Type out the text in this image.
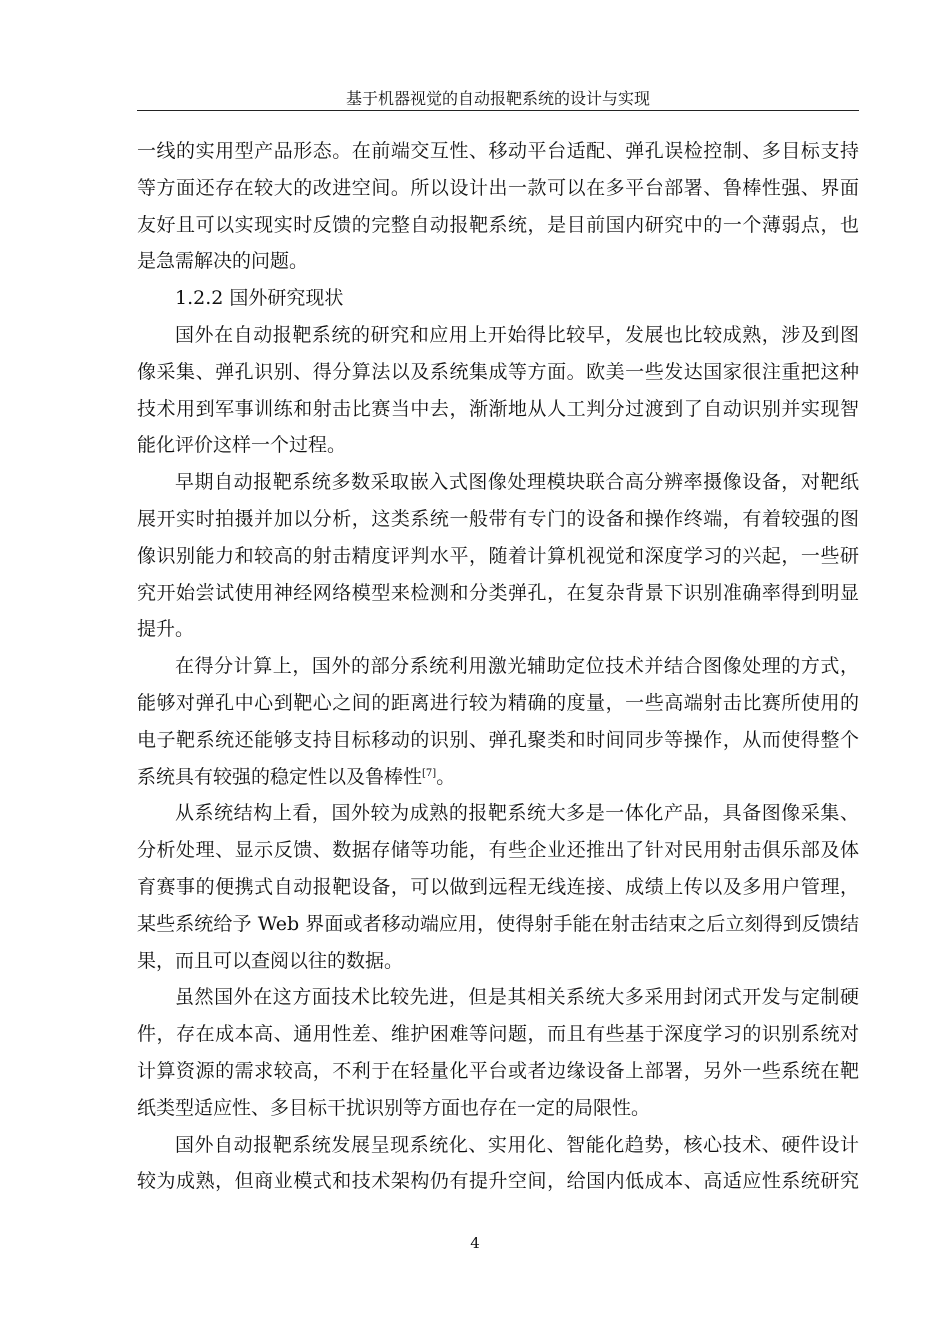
基于机器视觉的自动报靶系统的设计与实现
一线的实用型产品形态。在前端交互性、移动平台适配、弹孔误检控制、多目标支持
等方面还存在较大的改进空间。所以设计出一款可以在多平台部署、鲁棒性强、界面
友好且可以实现实时反馈的完整自动报靶系统，是目前国内研究中的一个薄弱点，也
是急需解决的问题。
1.2.2 国外研究现状
国外在自动报靶系统的研究和应用上开始得比较早，发展也比较成熟，涉及到图
像采集、弹孔识别、得分算法以及系统集成等方面。欧美一些发达国家很注重把这种
技术用到军事训练和射击比赛当中去，渐渐地从人工判分过渡到了自动识别并实现智
能化评价这样一个过程。
早期自动报靶系统多数采取嵌入式图像处理模块联合高分辨率摄像设备，对靶纸
展开实时拍摄并加以分析，这类系统一般带有专门的设备和操作终端，有着较强的图
像识别能力和较高的射击精度评判水平，随着计算机视觉和深度学习的兴起，一些研
究开始尝试使用神经网络模型来检测和分类弹孔，在复杂背景下识别准确率得到明显
提升。
在得分计算上，国外的部分系统利用激光辅助定位技术并结合图像处理的方式，
能够对弹孔中心到靶心之间的距离进行较为精确的度量，一些高端射击比赛所使用的
电子靶系统还能够支持目标移动的识别、弹孔聚类和时间同步等操作，从而使得整个
系统具有较强的稳定性以及鲁棒性[7]。
从系统结构上看，国外较为成熟的报靶系统大多是一体化产品，具备图像采集、
分析处理、显示反馈、数据存储等功能，有些企业还推出了针对民用射击俱乐部及体
育赛事的便携式自动报靶设备，可以做到远程无线连接、成绩上传以及多用户管理，
某些系统给予 Web 界面或者移动端应用，使得射手能在射击结束之后立刻得到反馈结
果，而且可以查阅以往的数据。
虽然国外在这方面技术比较先进，但是其相关系统大多采用封闭式开发与定制硬
件，存在成本高、通用性差、维护困难等问题，而且有些基于深度学习的识别系统对
计算资源的需求较高，不利于在轻量化平台或者边缘设备上部署，另外一些系统在靶
纸类型适应性、多目标干扰识别等方面也存在一定的局限性。
国外自动报靶系统发展呈现系统化、实用化、智能化趋势，核心技术、硬件设计
较为成熟，但商业模式和技术架构仍有提升空间，给国内低成本、高适应性系统研究
4
